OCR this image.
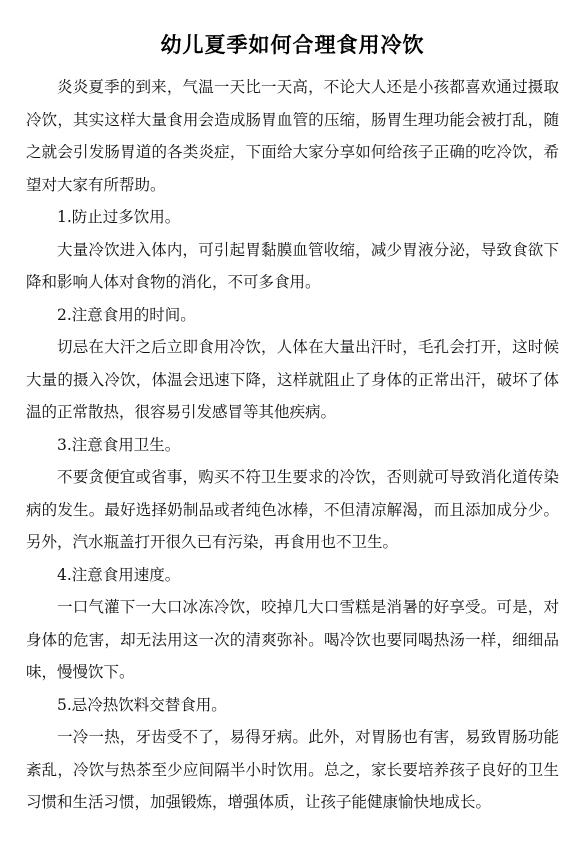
幼儿夏季如何合理食用冷饮

炎炎夏季的到来，气温一天比一天高，不论大人还是小孩都喜欢通过摄取冷饮，其实这样大量食用会造成肠胃血管的压缩，肠胃生理功能会被打乱，随之就会引发肠胃道的各类炎症，下面给大家分享如何给孩子正确的吃冷饮，希望对大家有所帮助。

1.防止过多饮用。

大量冷饮进入体内，可引起胃黏膜血管收缩，减少胃液分泌，导致食欲下降和影响人体对食物的消化，不可多食用。

2.注意食用的时间。

切忌在大汗之后立即食用冷饮，人体在大量出汗时，毛孔会打开，这时候大量的摄入冷饮，体温会迅速下降，这样就阻止了身体的正常出汗，破坏了体温的正常散热，很容易引发感冒等其他疾病。

3.注意食用卫生。

不要贪便宜或省事，购买不符卫生要求的冷饮，否则就可导致消化道传染病的发生。最好选择奶制品或者纯色冰棒，不但清凉解渴，而且添加成分少。另外，汽水瓶盖打开很久已有污染，再食用也不卫生。

4.注意食用速度。

一口气灌下一大口冰冻冷饮，咬掉几大口雪糕是消暑的好享受。可是，对身体的危害，却无法用这一次的清爽弥补。喝冷饮也要同喝热汤一样，细细品味，慢慢饮下。

5.忌冷热饮料交替食用。

一冷一热，牙齿受不了，易得牙病。此外，对胃肠也有害，易致胃肠功能紊乱，冷饮与热茶至少应间隔半小时饮用。总之，家长要培养孩子良好的卫生习惯和生活习惯，加强锻炼，增强体质，让孩子能健康愉快地成长。
